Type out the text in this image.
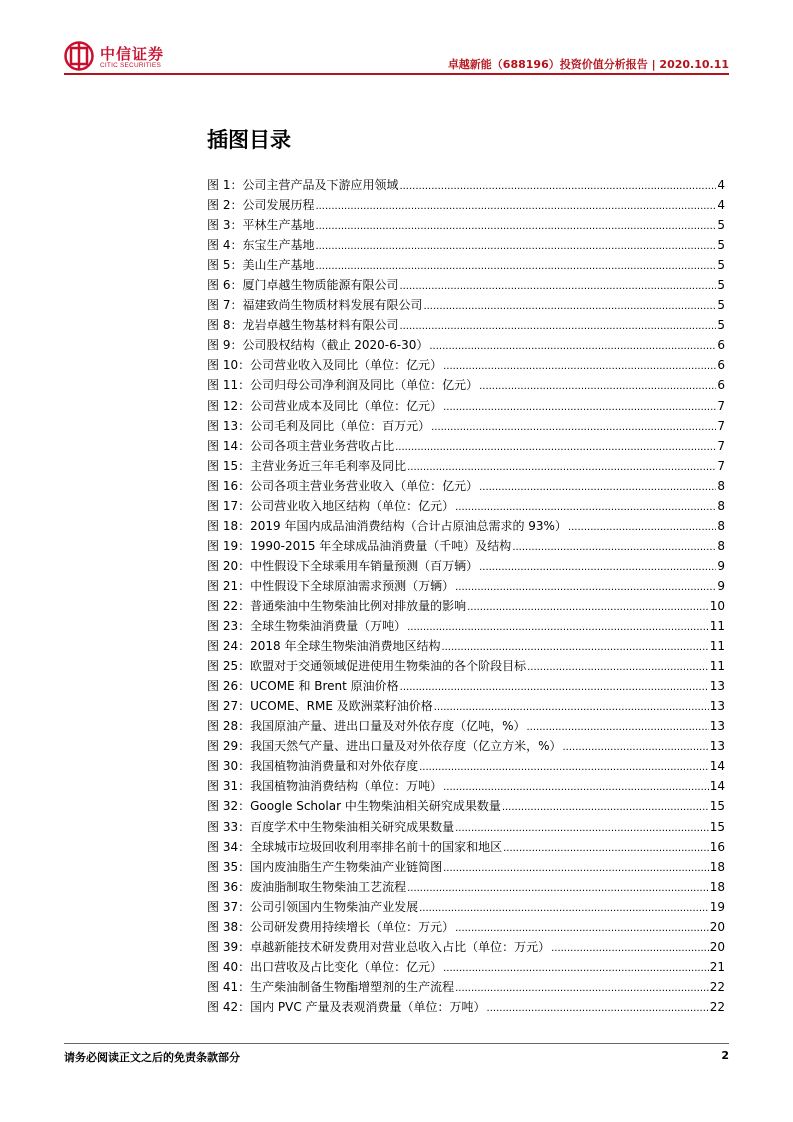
中信证券
CITIC SECURITIES	卓越新能（688196）投资价值分析报告 | 2020.10.11
插图目录
图 1：公司主营产品及下游应用领域 .....	4
图 2：公司发展历程 .....	4
图 3：平林生产基地 .....	5
图 4：东宝生产基地 .....	5
图 5：美山生产基地 .....	5
图 6：厦门卓越生物质能源有限公司 .....	5
图 7：福建致尚生物质材料发展有限公司 .....	5
图 8：龙岩卓越生物基材料有限公司 .....	5
图 9：公司股权结构（截止 2020-6-30） .....	6
图 10：公司营业收入及同比（单位：亿元） .....	6
图 11：公司归母公司净利润及同比（单位：亿元） .....	6
图 12：公司营业成本及同比（单位：亿元） .....	7
图 13：公司毛利及同比（单位：百万元） .....	7
图 14：公司各项主营业务营收占比 .....	7
图 15：主营业务近三年毛利率及同比 .....	7
图 16：公司各项主营业务营业收入（单位：亿元） .....	8
图 17：公司营业收入地区结构（单位：亿元） .....	8
图 18：2019 年国内成品油消费结构（合计占原油总需求的 93%） .....	8
图 19：1990-2015 年全球成品油消费量（千吨）及结构 .....	8
图 20：中性假设下全球乘用车销量预测（百万辆） .....	9
图 21：中性假设下全球原油需求预测（万辆） .....	9
图 22：普通柴油中生物柴油比例对排放量的影响 .....	10
图 23：全球生物柴油消费量（万吨） .....	11
图 24：2018 年全球生物柴油消费地区结构 .....	11
图 25：欧盟对于交通领域促进使用生物柴油的各个阶段目标 .....	11
图 26：UCOME 和 Brent 原油价格 .....	13
图 27：UCOME、RME 及欧洲菜籽油价格 .....	13
图 28：我国原油产量、进出口量及对外依存度（亿吨，%） .....	13
图 29：我国天然气产量、进出口量及对外依存度（亿立方米，%） .....	13
图 30：我国植物油消费量和对外依存度 .....	14
图 31：我国植物油消费结构（单位：万吨） .....	14
图 32：Google Scholar 中生物柴油相关研究成果数量 .....	15
图 33：百度学术中生物柴油相关研究成果数量 .....	15
图 34：全球城市垃圾回收利用率排名前十的国家和地区 .....	16
图 35：国内废油脂生产生物柴油产业链简图 .....	18
图 36：废油脂制取生物柴油工艺流程 .....	18
图 37：公司引领国内生物柴油产业发展 .....	19
图 38：公司研发费用持续增长（单位：万元） .....	20
图 39：卓越新能技术研发费用对营业总收入占比（单位：万元） .....	20
图 40：出口营收及占比变化（单位：亿元） .....	21
图 41：生产柴油制备生物酯增塑剂的生产流程 .....	22
图 42：国内 PVC 产量及表观消费量（单位：万吨） .....	22
请务必阅读正文之后的免责条款部分	2
